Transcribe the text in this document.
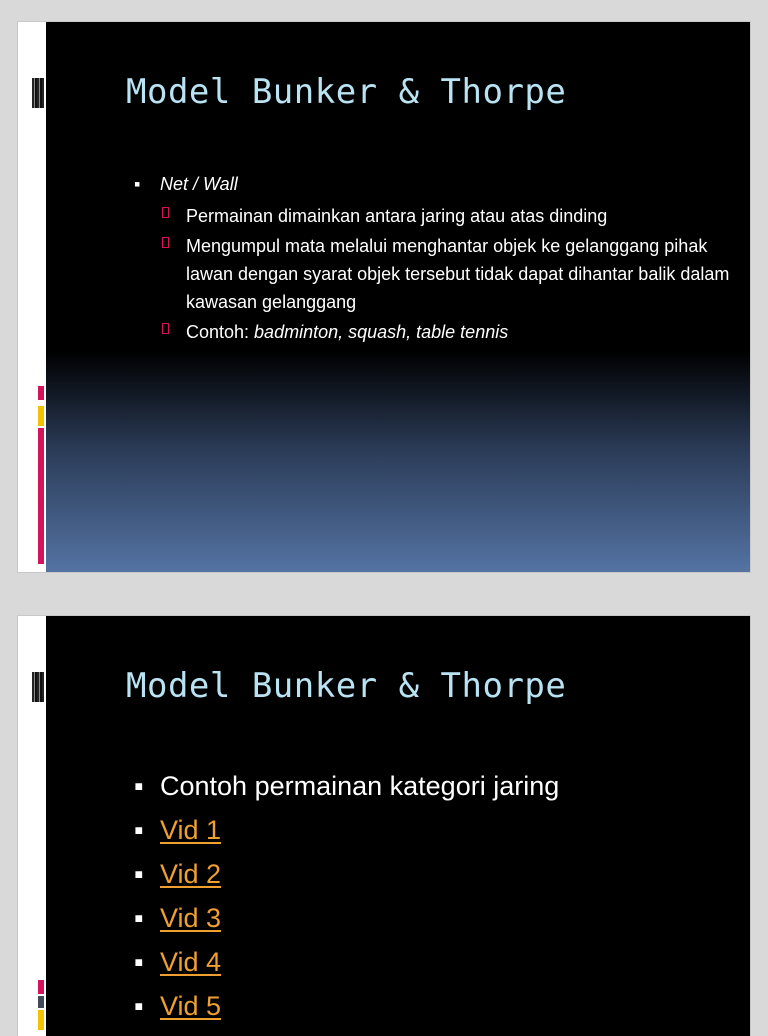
Model Bunker & Thorpe
▪ Net / Wall
Permainan dimainkan antara jaring atau atas dinding
Mengumpul mata melalui menghantar objek ke gelanggang pihak lawan dengan syarat objek tersebut tidak dapat dihantar balik dalam kawasan gelanggang
Contoh: badminton, squash, table tennis
Model Bunker & Thorpe
▪ Contoh permainan kategori jaring
▪ Vid 1
▪ Vid 2
▪ Vid 3
▪ Vid 4
▪ Vid 5
